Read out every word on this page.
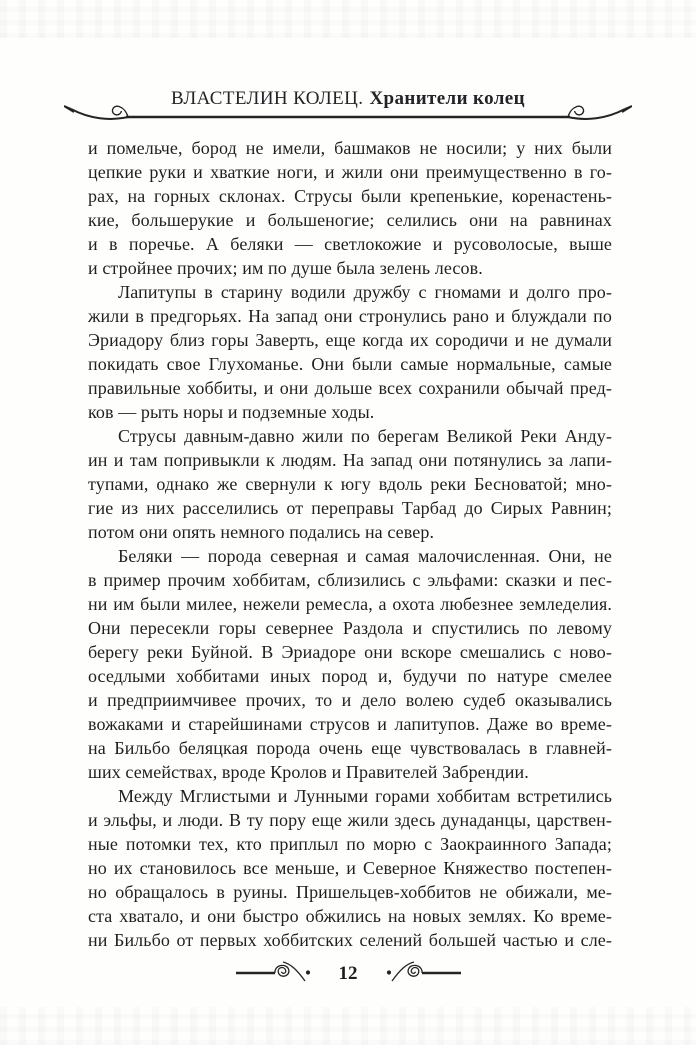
ВЛАСТЕЛИН КОЛЕЦ. Хранители колец
и помельче, бород не имели, башмаков не носили; у них были
цепкие руки и хваткие ноги, и жили они преимущественно в го-
рах, на горных склонах. Струсы были крепенькие, коренастень-
кие, большерукие и большеногие; селились они на равнинах
и в поречье. А беляки — светлокожие и русоволосые, выше
и стройнее прочих; им по душе была зелень лесов.
Лапитупы в старину водили дружбу с гномами и долго про-
жили в предгорьях. На запад они стронулись рано и блуждали по
Эриадору близ горы Заверть, еще когда их сородичи и не думали
покидать свое Глухоманье. Они были самые нормальные, самые
правильные хоббиты, и они дольше всех сохранили обычай пред-
ков — рыть норы и подземные ходы.
Струсы давным-давно жили по берегам Великой Реки Анду-
ин и там попривыкли к людям. На запад они потянулись за лапи-
тупами, однако же свернули к югу вдоль реки Бесноватой; мно-
гие из них расселились от переправы Тарбад до Сирых Равнин;
потом они опять немного подались на север.
Беляки — порода северная и самая малочисленная. Они, не
в пример прочим хоббитам, сблизились с эльфами: сказки и пес-
ни им были милее, нежели ремесла, а охота любезнее земледелия.
Они пересекли горы севернее Раздола и спустились по левому
берегу реки Буйной. В Эриадоре они вскоре смешались с ново-
оседлыми хоббитами иных пород и, будучи по натуре смелее
и предприимчивее прочих, то и дело волею судеб оказывались
вожаками и старейшинами струсов и лапитупов. Даже во време-
на Бильбо беляцкая порода очень еще чувствовалась в главней-
ших семействах, вроде Кролов и Правителей Забрендии.
Между Мглистыми и Лунными горами хоббитам встретились
и эльфы, и люди. В ту пору еще жили здесь дунаданцы, царствен-
ные потомки тех, кто приплыл по морю с Заокраинного Запада;
но их становилось все меньше, и Северное Княжество постепен-
но обращалось в руины. Пришельцев-хоббитов не обижали, ме-
ста хватало, и они быстро обжились на новых землях. Ко време-
ни Бильбо от первых хоббитских селений большей частью и сле-
12
